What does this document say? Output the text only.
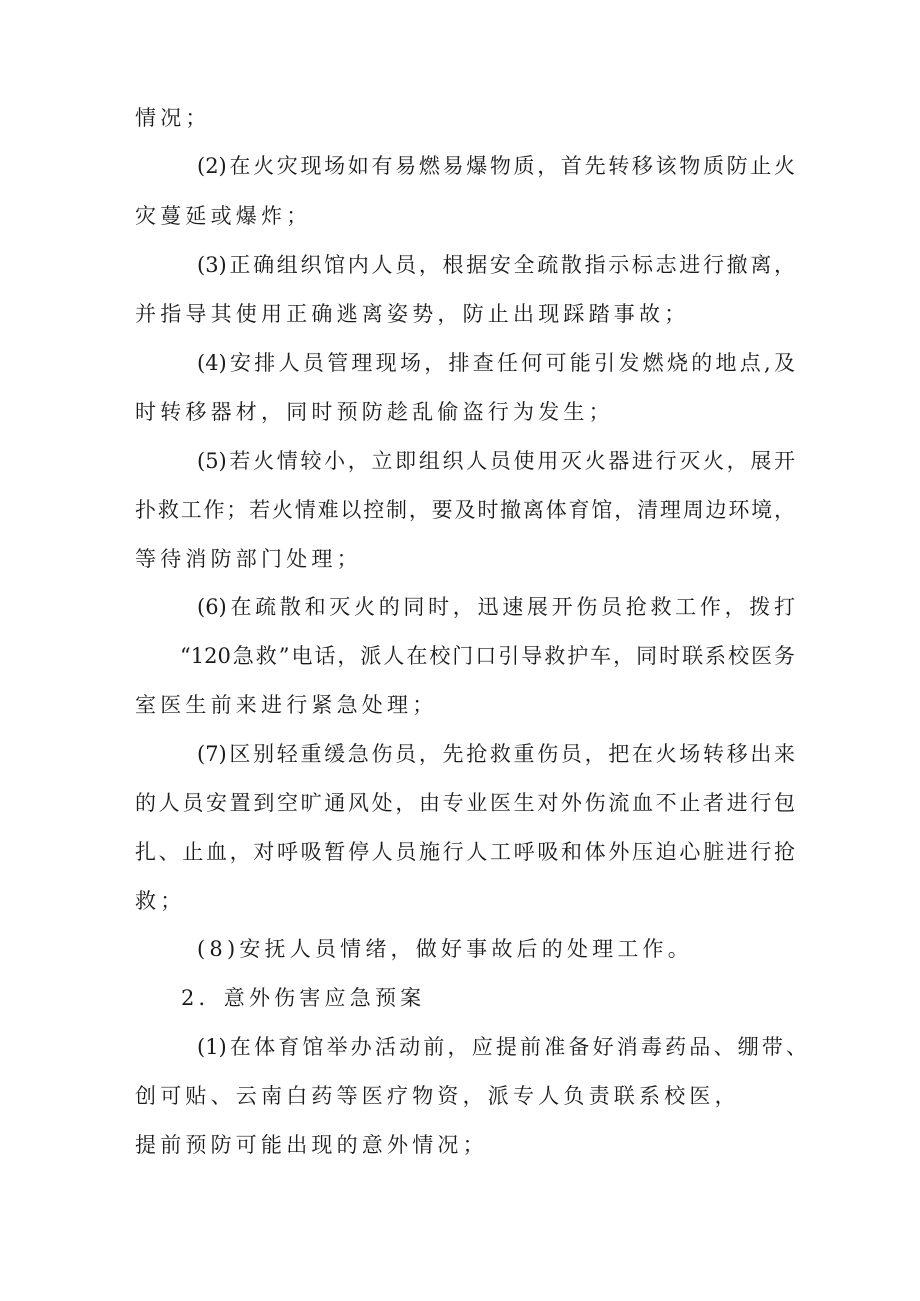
情况；
(2)在火灾现场如有易燃易爆物质，首先转移该物质防止火
灾蔓延或爆炸；
(3)正确组织馆内人员，根据安全疏散指示标志进行撤离，
并指导其使用正确逃离姿势，防止出现踩踏事故；
(4)安排人员管理现场，排查任何可能引发燃烧的地点,及
时转移器材，同时预防趁乱偷盗行为发生；
(5)若火情较小，立即组织人员使用灭火器进行灭火，展开
扑救工作；若火情难以控制，要及时撤离体育馆，清理周边环境，
等待消防部门处理；
(6)在疏散和灭火的同时，迅速展开伤员抢救工作，拨打
“120急救”电话，派人在校门口引导救护车，同时联系校医务
室医生前来进行紧急处理；
(7)区别轻重缓急伤员，先抢救重伤员，把在火场转移出来
的人员安置到空旷通风处，由专业医生对外伤流血不止者进行包
扎、止血，对呼吸暂停人员施行人工呼吸和体外压迫心脏进行抢
救；
(8)安抚人员情绪，做好事故后的处理工作。
2．意外伤害应急预案
(1)在体育馆举办活动前，应提前准备好消毒药品、绷带、
创可贴、云南白药等医疗物资，派专人负责联系校医，
提前预防可能出现的意外情况；
